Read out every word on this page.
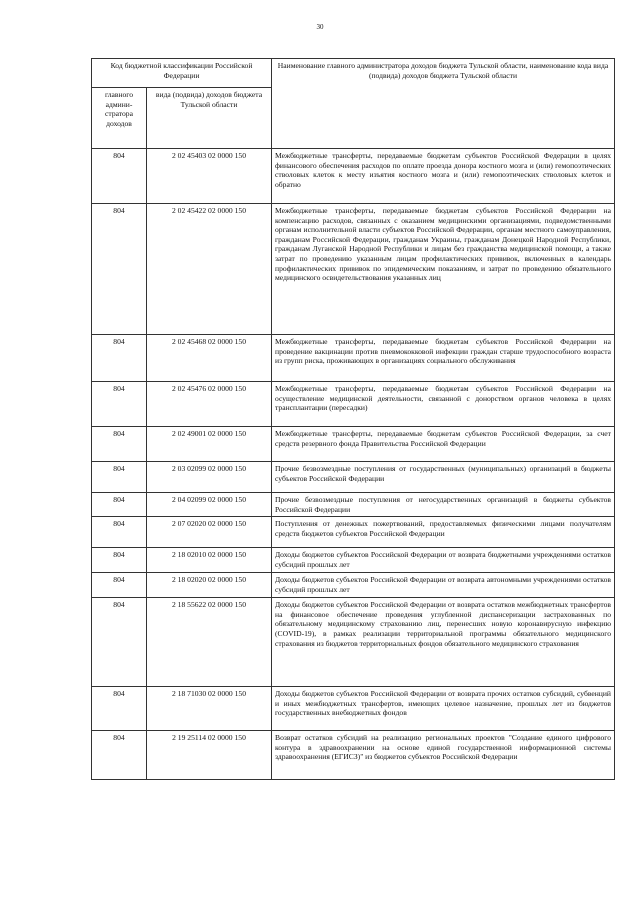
30
Код бюджетной классификации Российской Федерации		Наименование главного администратора доходов бюджета Тульской области, наименование кода вида (подвида) доходов бюджета Тульской области
главного админи-стратора доходов	вида (подвида) доходов бюджета Тульской области	
804	2 02 45403 02 0000 150	Межбюджетные трансферты, передаваемые бюджетам субъектов Российской Федерации в целях финансового обеспечения расходов по оплате проезда донора костного мозга и (или) гемопоэтических стволовых клеток к месту изъятия костного мозга и (или) гемопоэтических стволовых клеток и обратно
804	2 02 45422 02 0000 150	Межбюджетные трансферты, передаваемые бюджетам субъектов Российской Федерации на компенсацию расходов, связанных с оказанием медицинскими организациями, подведомственными органам исполнительной власти субъектов Российской Федерации, органам местного самоуправления, гражданам Российской Федерации, гражданам Украины, гражданам Донецкой Народной Республики, гражданам Луганской Народной Республики и лицам без гражданства медицинской помощи, а также затрат по проведению указанным лицам профилактических прививок, включенных в календарь профилактических прививок по эпидемическим показаниям, и затрат по проведению обязательного медицинского освидетельствования указанных лиц
804	2 02 45468 02 0000 150	Межбюджетные трансферты, передаваемые бюджетам субъектов Российской Федерации на проведение вакцинации против пневмококковой инфекции граждан старше трудоспособного возраста из групп риска, проживающих в организациях социального обслуживания
804	2 02 45476 02 0000 150	Межбюджетные трансферты, передаваемые бюджетам субъектов Российской Федерации на осуществление медицинской деятельности, связанной с донорством органов человека в целях трансплантации (пересадки)
804	2 02 49001 02 0000 150	Межбюджетные трансферты, передаваемые бюджетам субъектов Российской Федерации, за счет средств резервного фонда Правительства Российской Федерации
804	2 03 02099 02 0000 150	Прочие безвозмездные поступления от государственных (муниципальных) организаций в бюджеты субъектов Российской Федерации
804	2 04 02099 02 0000 150	Прочие безвозмездные поступления от негосударственных организаций в бюджеты субъектов Российской Федерации
804	2 07 02020 02 0000 150	Поступления от денежных пожертвований, предоставляемых физическими лицами получателям средств бюджетов субъектов Российской Федерации
804	2 18 02010 02 0000 150	Доходы бюджетов субъектов Российской Федерации от возврата бюджетными учреждениями остатков субсидий прошлых лет
804	2 18 02020 02 0000 150	Доходы бюджетов субъектов Российской Федерации от возврата автономными учреждениями остатков субсидий прошлых лет
804	2 18 55622 02 0000 150	Доходы бюджетов субъектов Российской Федерации от возврата остатков межбюджетных трансфертов на финансовое обеспечение проведения углубленной диспансеризации застрахованных по обязательному медицинскому страхованию лиц, перенесших новую коронавирусную инфекцию (COVID-19), в рамках реализации территориальной программы обязательного медицинского страхования из бюджетов территориальных фондов обязательного медицинского страхования
804	2 18 71030 02 0000 150	Доходы бюджетов субъектов Российской Федерации от возврата прочих остатков субсидий, субвенций и иных межбюджетных трансфертов, имеющих целевое назначение, прошлых лет из бюджетов государственных внебюджетных фондов
804	2 19 25114 02 0000 150	Возврат остатков субсидий на реализацию региональных проектов "Создание единого цифрового контура в здравоохранении на основе единой государственной информационной системы здравоохранения (ЕГИСЗ)" из бюджетов субъектов Российской Федерации
